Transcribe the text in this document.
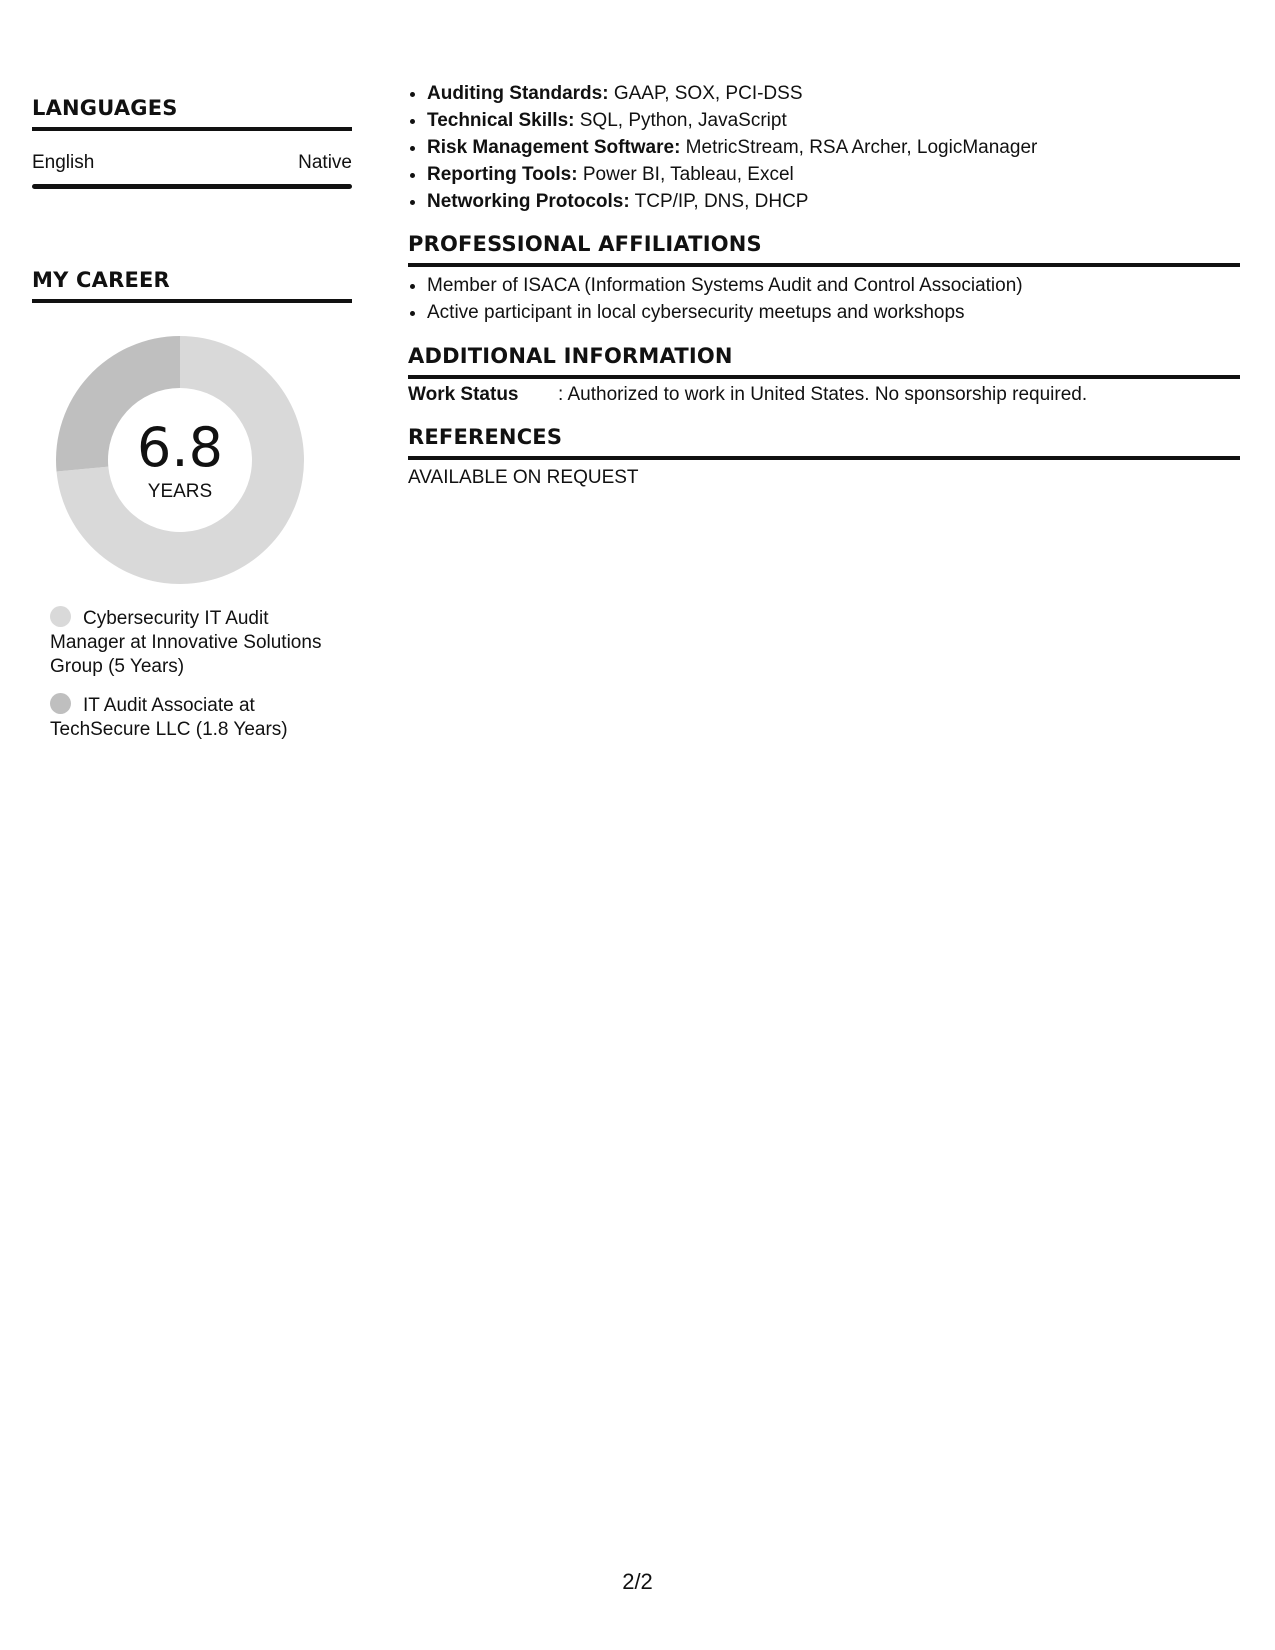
LANGUAGES
English	Native
MY CAREER
6.8
YEARS
Cybersecurity IT Audit Manager at Innovative Solutions Group (5 Years)
IT Audit Associate at TechSecure LLC (1.8 Years)
• Auditing Standards: GAAP, SOX, PCI-DSS
• Technical Skills: SQL, Python, JavaScript
• Risk Management Software: MetricStream, RSA Archer, LogicManager
• Reporting Tools: Power BI, Tableau, Excel
• Networking Protocols: TCP/IP, DNS, DHCP
PROFESSIONAL AFFILIATIONS
• Member of ISACA (Information Systems Audit and Control Association)
• Active participant in local cybersecurity meetups and workshops
ADDITIONAL INFORMATION
Work Status	: Authorized to work in United States. No sponsorship required.
REFERENCES
AVAILABLE ON REQUEST
2/2
